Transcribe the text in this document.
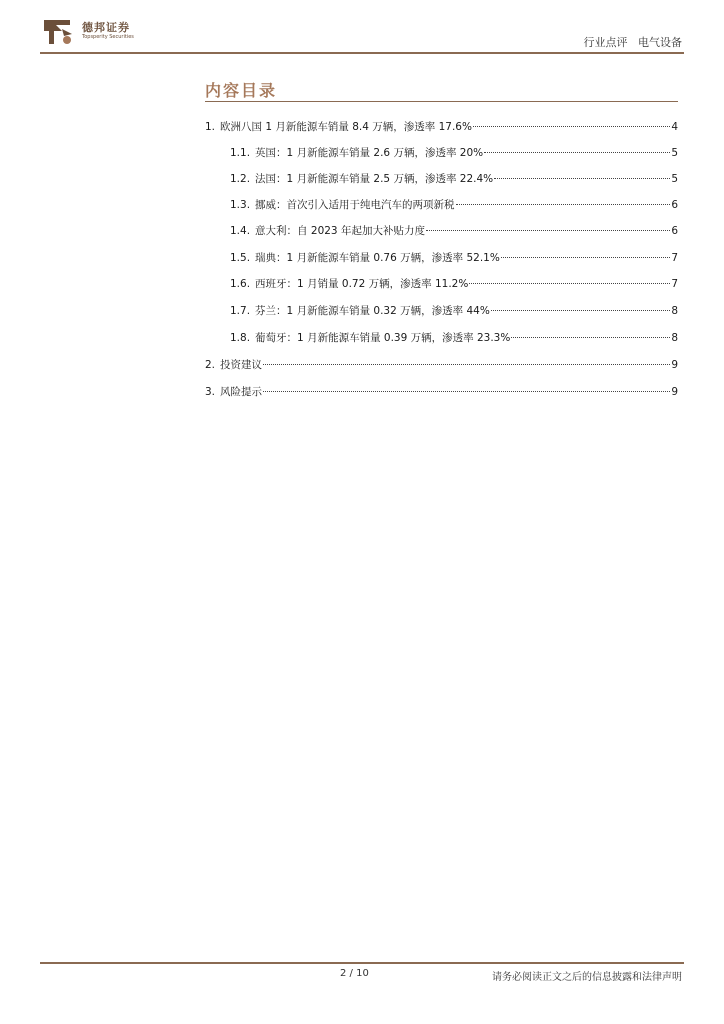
德邦证券
Topsperity Securities	行业点评 电气设备
内容目录
1. 欧洲八国 1 月新能源车销量 8.4 万辆，渗透率 17.6%	4
1.1. 英国：1 月新能源车销量 2.6 万辆，渗透率 20%	5
1.2. 法国：1 月新能源车销量 2.5 万辆，渗透率 22.4%	5
1.3. 挪威：首次引入适用于纯电汽车的两项新税	6
1.4. 意大利：自 2023 年起加大补贴力度	6
1.5. 瑞典：1 月新能源车销量 0.76 万辆，渗透率 52.1%	7
1.6. 西班牙：1 月销量 0.72 万辆，渗透率 11.2%	7
1.7. 芬兰：1 月新能源车销量 0.32 万辆，渗透率 44%	8
1.8. 葡萄牙：1 月新能源车销量 0.39 万辆，渗透率 23.3%	8
2. 投资建议	9
3. 风险提示	9
2 / 10	请务必阅读正文之后的信息披露和法律声明
